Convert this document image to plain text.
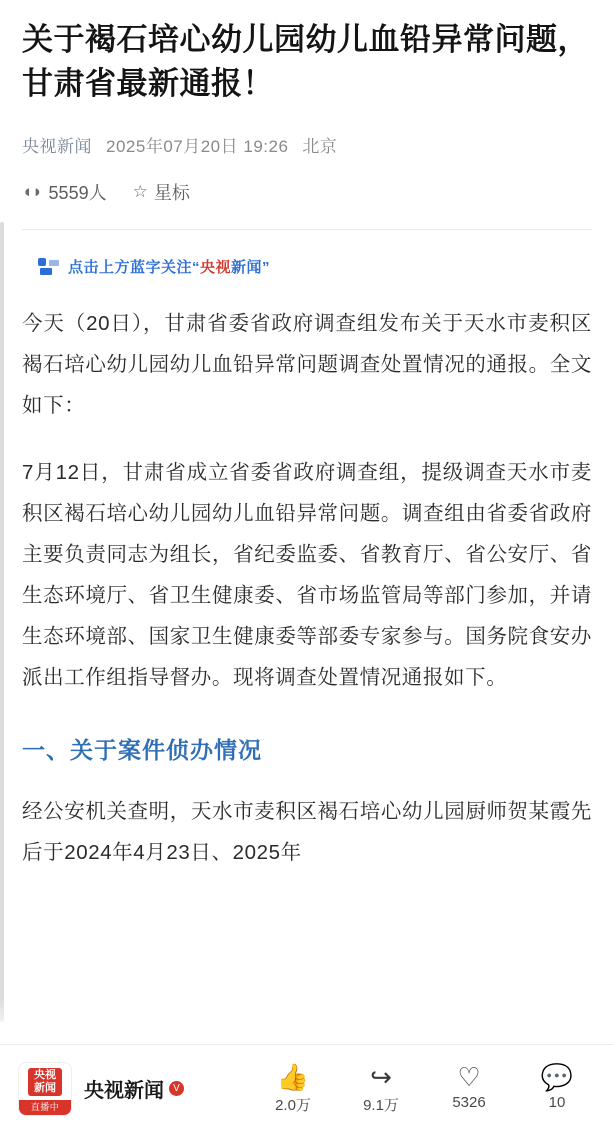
关于褐石培心幼儿园幼儿血铅异常问题，甘肃省最新通报！
央视新闻 2025年07月20日 19:26 北京
◖◗ 5559人 ☆ 星标
点击上方蓝字关注“央视新闻”

今天（20日），甘肃省委省政府调查组发布关于天水市麦积区褐石培心幼儿园幼儿血铅异常问题调查处置情况的通报。全文如下：

7月12日，甘肃省成立省委省政府调查组，提级调查天水市麦积区褐石培心幼儿园幼儿血铅异常问题。调查组由省委省政府主要负责同志为组长，省纪委监委、省教育厅、省公安厅、省生态环境厅、省卫生健康委、省市场监管局等部门参加，并请生态环境部、国家卫生健康委等部委专家参与。国务院食安办派出工作组指导督办。现将调查处置情况通报如下。

一、关于案件侦办情况

经公安机关查明，天水市麦积区褐石培心幼儿园厨师贺某霞先后于2024年4月23日、2025年

央视
新闻
直播中
央视新闻 V	👍
2.0万
↪
9.1万
♡
5326
💬
10
